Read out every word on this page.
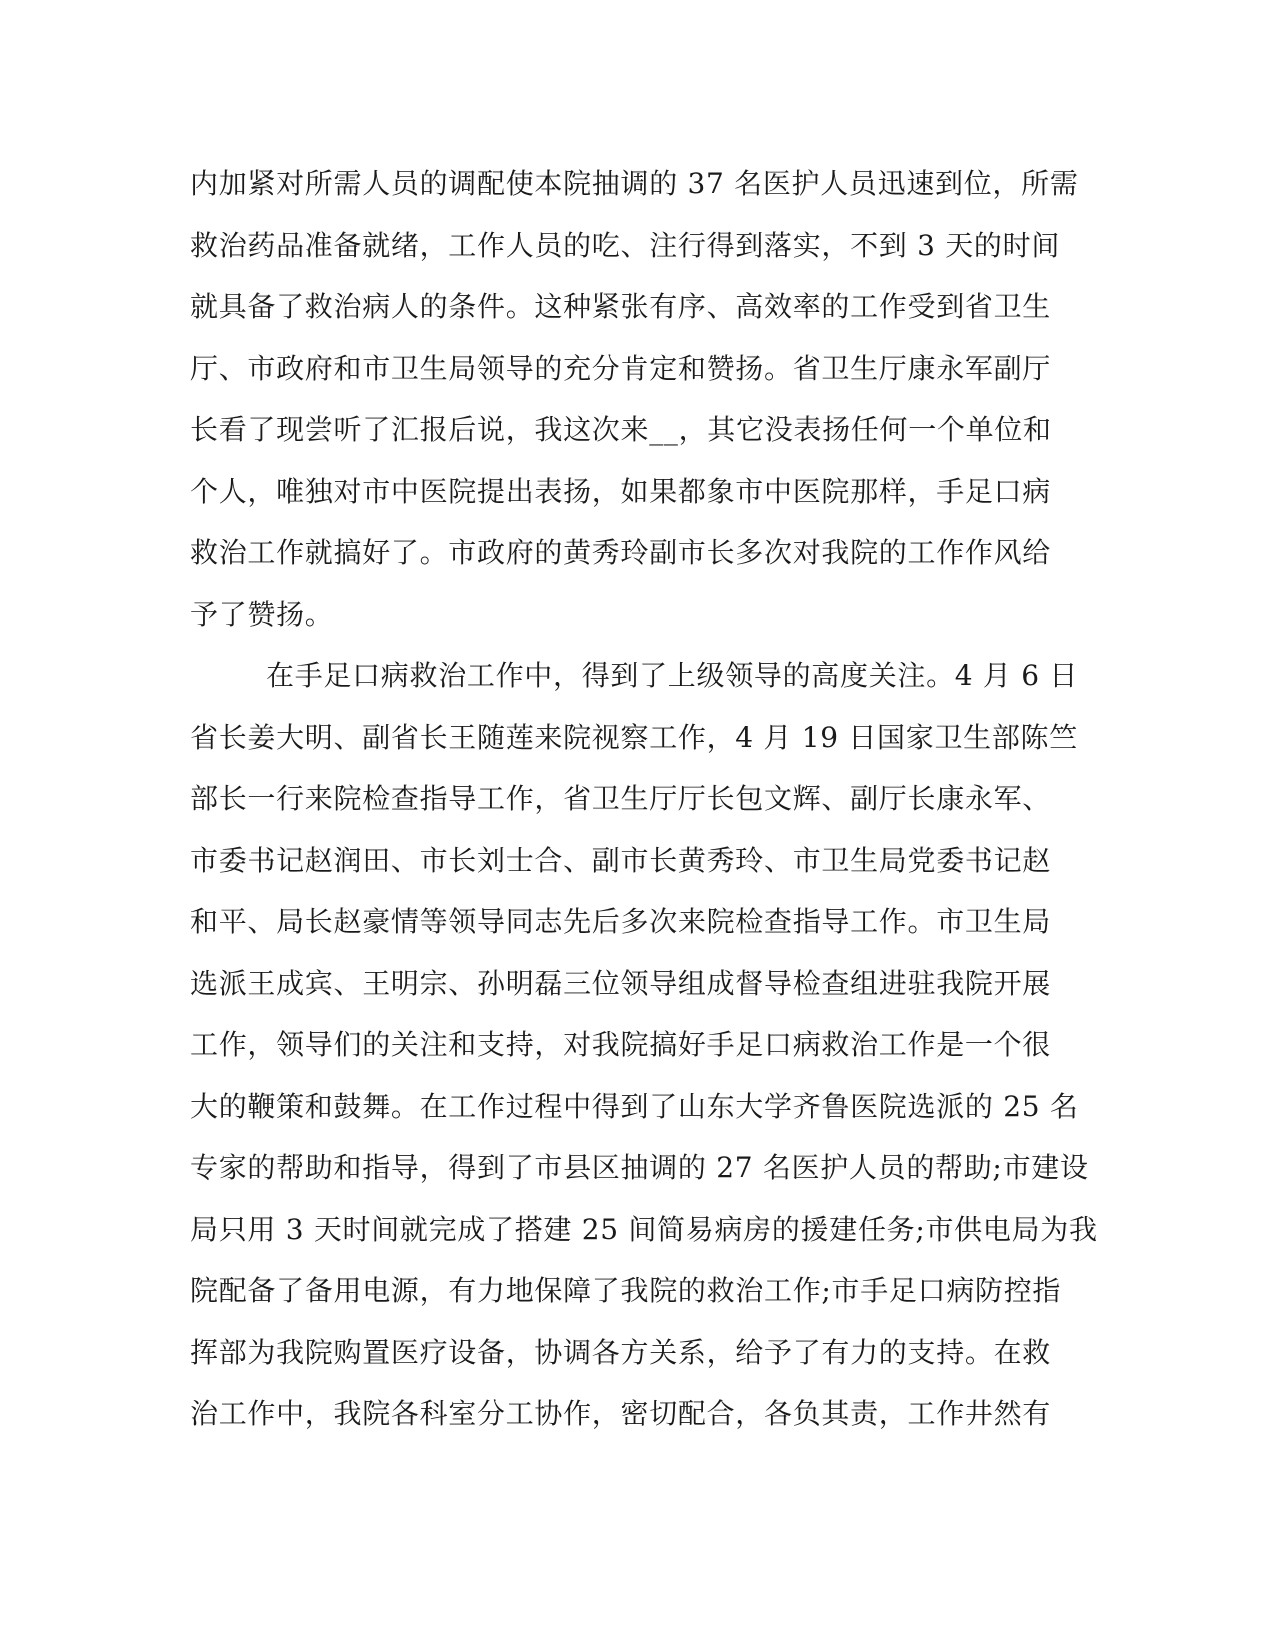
内加紧对所需人员的调配使本院抽调的 37 名医护人员迅速到位，所需
救治药品准备就绪，工作人员的吃、注行得到落实，不到 3 天的时间
就具备了救治病人的条件。这种紧张有序、高效率的工作受到省卫生
厅、市政府和市卫生局领导的充分肯定和赞扬。省卫生厅康永军副厅
长看了现尝听了汇报后说，我这次来__，其它没表扬任何一个单位和
个人，唯独对市中医院提出表扬，如果都象市中医院那样，手足口病
救治工作就搞好了。市政府的黄秀玲副市长多次对我院的工作作风给
予了赞扬。
在手足口病救治工作中，得到了上级领导的高度关注。4 月 6 日
省长姜大明、副省长王随莲来院视察工作，4 月 19 日国家卫生部陈竺
部长一行来院检查指导工作，省卫生厅厅长包文辉、副厅长康永军、
市委书记赵润田、市长刘士合、副市长黄秀玲、市卫生局党委书记赵
和平、局长赵豪情等领导同志先后多次来院检查指导工作。市卫生局
选派王成宾、王明宗、孙明磊三位领导组成督导检查组进驻我院开展
工作，领导们的关注和支持，对我院搞好手足口病救治工作是一个很
大的鞭策和鼓舞。在工作过程中得到了山东大学齐鲁医院选派的 25 名
专家的帮助和指导，得到了市县区抽调的 27 名医护人员的帮助;市建设
局只用 3 天时间就完成了搭建 25 间简易病房的援建任务;市供电局为我
院配备了备用电源，有力地保障了我院的救治工作;市手足口病防控指
挥部为我院购置医疗设备，协调各方关系，给予了有力的支持。在救
治工作中，我院各科室分工协作，密切配合，各负其责，工作井然有
